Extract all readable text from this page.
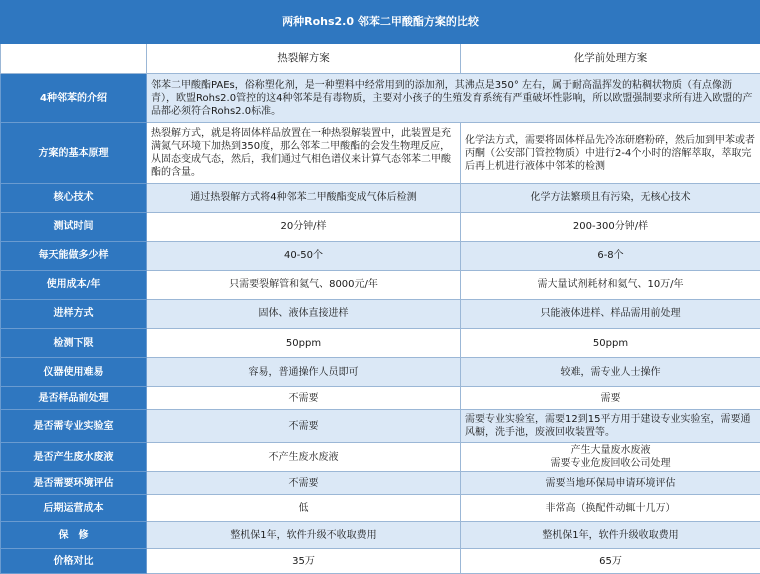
两种Rohs2.0 邻苯二甲酸酯方案的比较		
	热裂解方案	化学前处理方案
4种邻苯的介绍	邻苯二甲酸酯PAEs，俗称塑化剂，是一种塑料中经常用到的添加剂，其沸点是350° 左右，属于耐高温挥发的粘稠状物质（有点像沥青），欧盟Rohs2.0管控的这4种邻苯是有毒物质，主要对小孩子的生殖发育系统有严重破坏性影响，所以欧盟强制要求所有进入欧盟的产品都必须符合Rohs2.0标准。	
方案的基本原理	热裂解方式，就是将固体样品放置在一种热裂解装置中，此装置是充满氮气环境下加热到350度，那么邻苯二甲酸酯的会发生物理反应，从固态变成气态，然后，我们通过气相色谱仪来计算气态邻苯二甲酸酯的含量。	化学法方式，需要将固体样品先冷冻研磨粉碎，然后加到甲苯或者丙酮（公安部门管控物质）中进行2-4个小时的溶解萃取，萃取完后再上机进行液体中邻苯的检测
核心技术	通过热裂解方式将4种邻苯二甲酸酯变成气体后检测	化学方法繁琐且有污染，无核心技术
测试时间	20分钟/样	200-300分钟/样
每天能做多少样	40-50个	6-8个
使用成本/年	只需要裂解管和氦气、8000元/年	需大量试剂耗材和氦气、10万/年
进样方式	固体、液体直接进样	只能液体进样、样品需用前处理
检测下限	50ppm	50ppm
仪器使用难易	容易，普通操作人员即可	较难，需专业人士操作
是否样品前处理	不需要	需要
是否需专业实验室	不需要	需要专业实验室，需要12到15平方用于建设专业实验室，需要通风橱，洗手池，废液回收装置等。
是否产生废水废液	不产生废水废液	产生大量废水废液
需要专业危废回收公司处理
是否需要环境评估	不需要	需要当地环保局申请环境评估
后期运营成本	低	非常高（换配件动辄十几万）
保　修	整机保1年，软件升级不收取费用	整机保1年，软件升级收取费用
价格对比	35万	65万
